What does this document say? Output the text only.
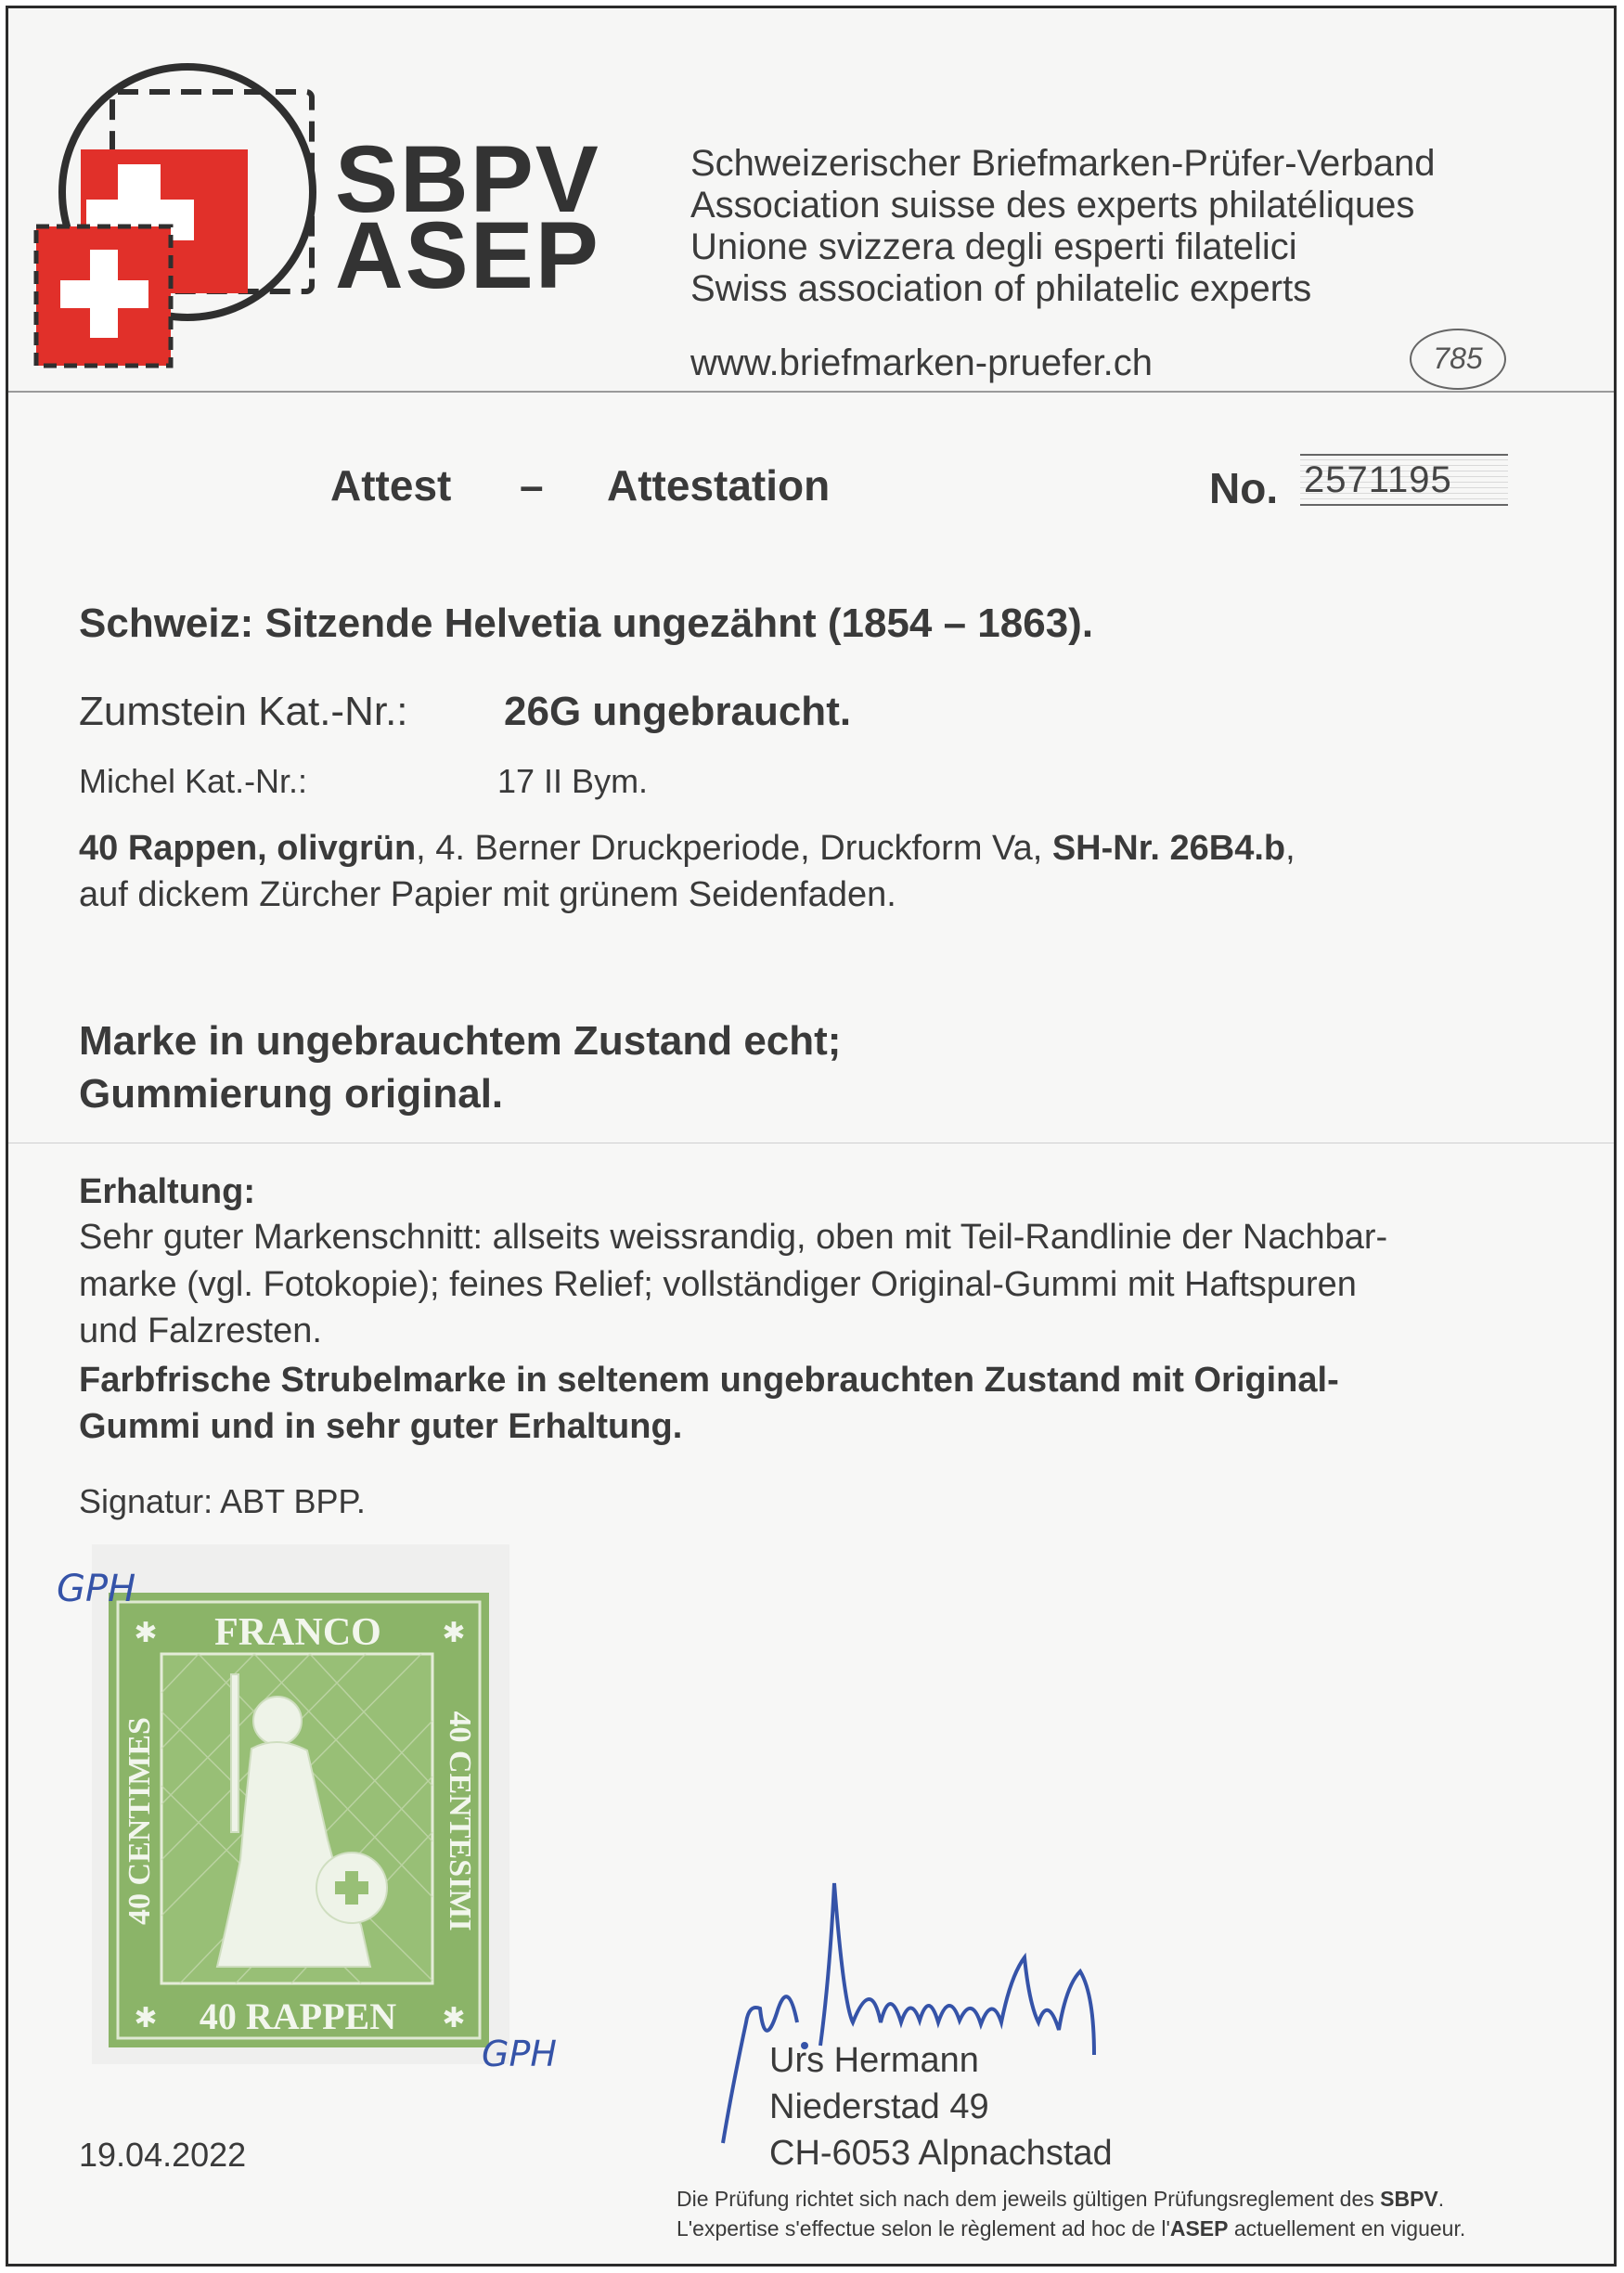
SBPV
ASEP
Schweizerischer Briefmarken-Prüfer-Verband
Association suisse des experts philatéliques
Unione svizzera degli esperti filatelici
Swiss association of philatelic experts
www.briefmarken-pruefer.ch	785
Attest – Attestation	No. 2571195
Schweiz: Sitzende Helvetia ungezähnt (1854 – 1863).
Zumstein Kat.-Nr.: 26G ungebraucht.
Michel Kat.-Nr.:	17 II Bym.
40 Rappen, olivgrün, 4. Berner Druckperiode, Druckform Va, SH-Nr. 26B4.b,
auf dickem Zürcher Papier mit grünem Seidenfaden.
Marke in ungebrauchtem Zustand echt;
Gummierung original.
Erhaltung:
Sehr guter Markenschnitt: allseits weissrandig, oben mit Teil-Randlinie der Nachbar-
marke (vgl. Fotokopie); feines Relief; vollständiger Original-Gummi mit Haftspuren
und Falzresten.
Farbfrische Strubelmarke in seltenem ungebrauchten Zustand mit Original-
Gummi und in sehr guter Erhaltung.
Signatur: ABT BPP.
FRANCO
40 RAPPEN
40 CENTIMES	40 CENTESIMI
✱	✱
✱	✱
GPH
GPH	Urs Hermann
Niederstad 49
CH-6053 Alpnachstad
19.04.2022
Die Prüfung richtet sich nach dem jeweils gültigen Prüfungsreglement des SBPV.
L'expertise s'effectue selon le règlement ad hoc de l'ASEP actuellement en vigueur.
